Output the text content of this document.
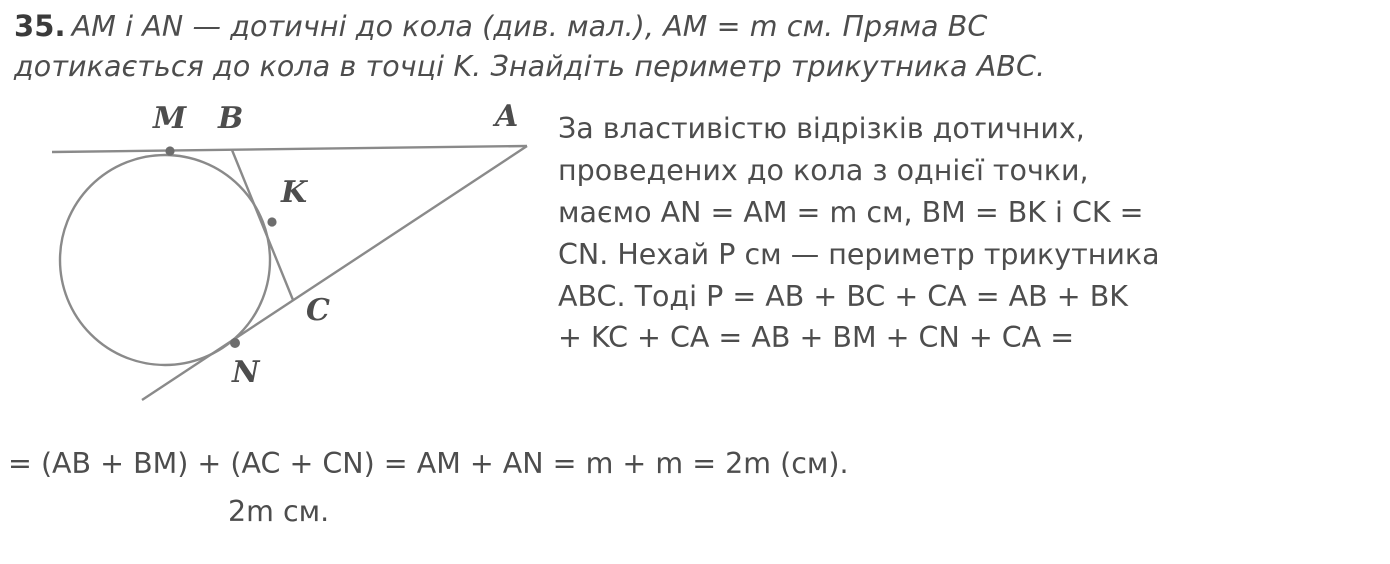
35. AM i AN — дотичні до кола (див. мал.), AM = m см. Пряма BC
дотикається до кола в точці K. Знайдіть периметр трикутника ABC.
M B	A
K
C
N

За властивістю відрізків дотичних,

проведених до кола з однієї точки,

маємо AN = AM = m см, BM = BK і CK =

CN. Нехай P см — периметр трикутника

ABC. Тоді P = AB + BC + CA = AB + BK

+ KC + CA = AB + BM + CN + CA =

= (AB + BM) + (AC + CN) = AM + AN = m + m = 2m (см).

2m см.
